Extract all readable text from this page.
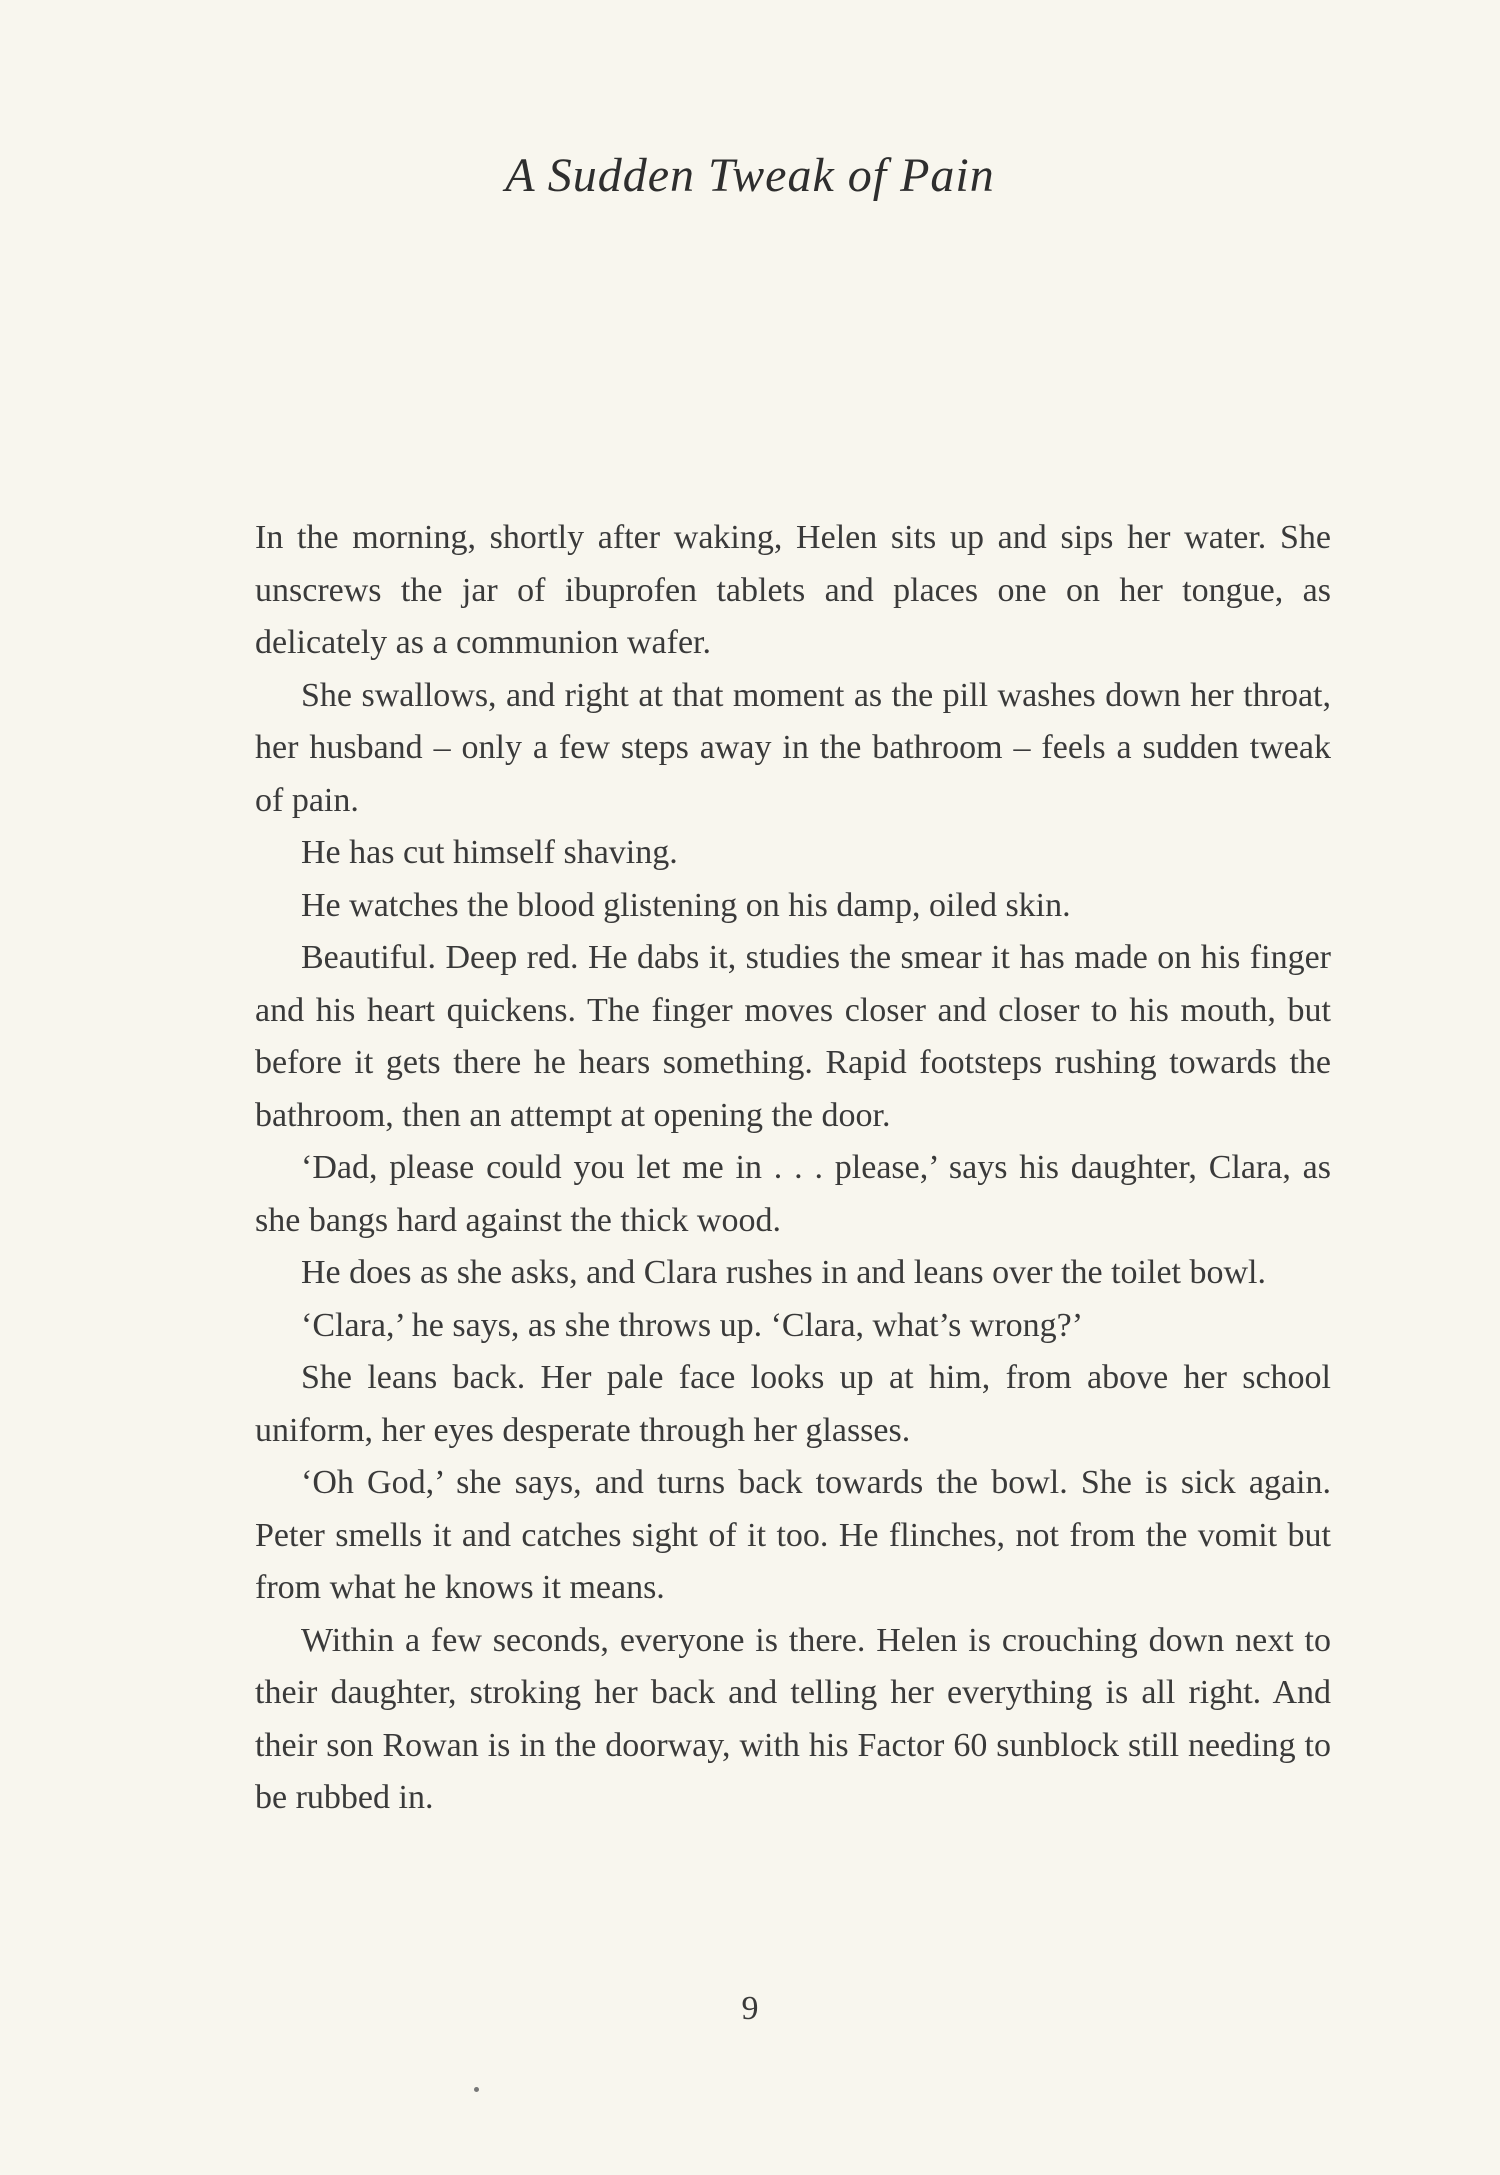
A Sudden Tweak of Pain

In the morning, shortly after waking, Helen sits up and sips her water. She unscrews the jar of ibuprofen tablets and places one on her tongue, as delicately as a communion wafer.

She swallows, and right at that moment as the pill washes down her throat, her husband – only a few steps away in the bathroom – feels a sudden tweak of pain.

He has cut himself shaving.

He watches the blood glistening on his damp, oiled skin.

Beautiful. Deep red. He dabs it, studies the smear it has made on his finger and his heart quickens. The finger moves closer and closer to his mouth, but before it gets there he hears something. Rapid footsteps rushing towards the bathroom, then an attempt at opening the door.

‘Dad, please could you let me in . . . please,’ says his daughter, Clara, as she bangs hard against the thick wood.

He does as she asks, and Clara rushes in and leans over the toilet bowl.

‘Clara,’ he says, as she throws up. ‘Clara, what’s wrong?’

She leans back. Her pale face looks up at him, from above her school uniform, her eyes desperate through her glasses.

‘Oh God,’ she says, and turns back towards the bowl. She is sick again. Peter smells it and catches sight of it too. He flinches, not from the vomit but from what he knows it means.

Within a few seconds, everyone is there. Helen is crouching down next to their daughter, stroking her back and telling her everything is all right. And their son Rowan is in the doorway, with his Factor 60 sunblock still needing to be rubbed in.

9
